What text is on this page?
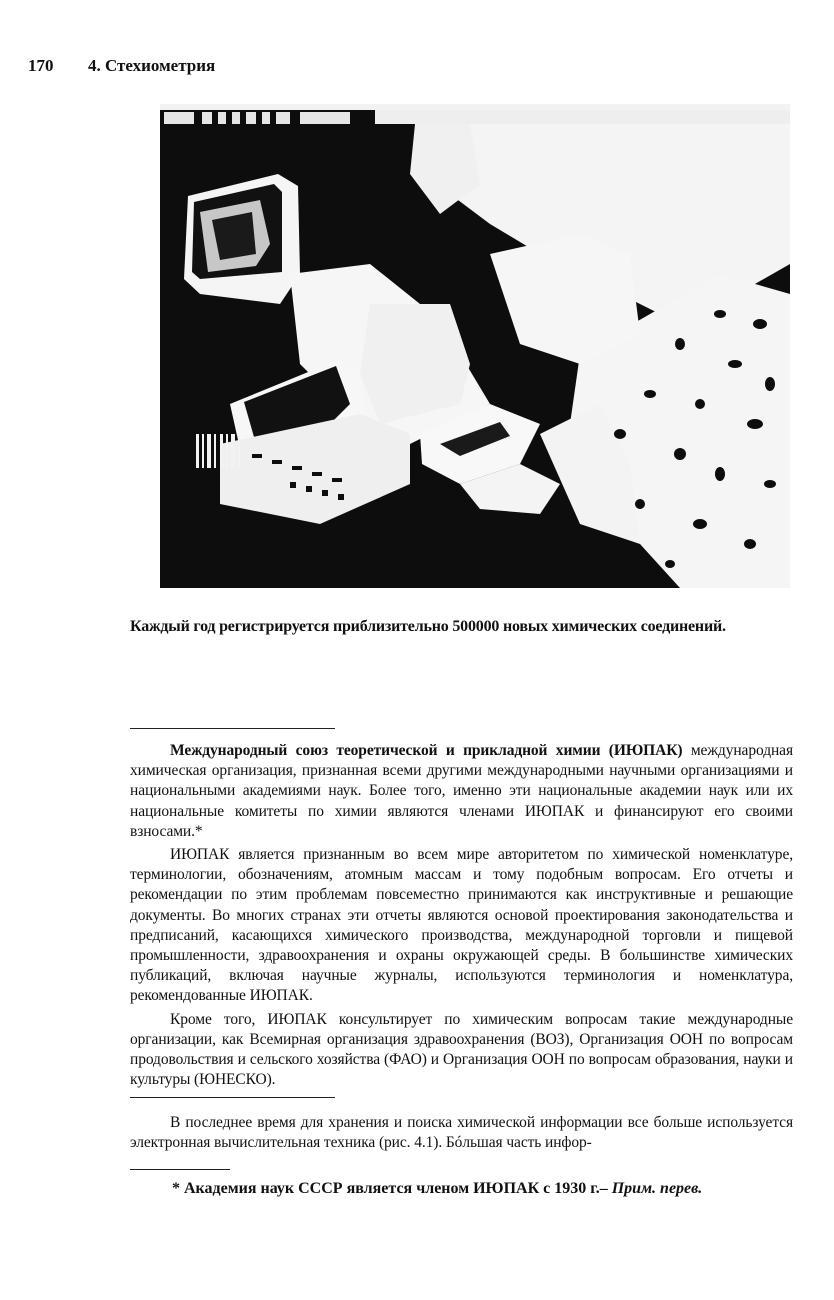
170 4. Стехиометрия
Каждый год регистрируется приблизительно 500000 новых химических соединений.

Международный союз теоретической и прикладной химии (ИЮПАК) международная химическая организация, признанная всеми другими международными научными организациями и национальными академиями наук. Более того, именно эти национальные академии наук или их национальные комитеты по химии являются членами ИЮПАК и финансируют его своими взносами.*

ИЮПАК является признанным во всем мире авторитетом по химической номенклатуре, терминологии, обозначениям, атомным массам и тому подобным вопросам. Его отчеты и рекомендации по этим проблемам повсеместно принимаются как инструктивные и решающие документы. Во многих странах эти отчеты являются основой проектирования законодательства и предписаний, касающихся химического производства, международной торговли и пищевой промышленности, здравоохранения и охраны окружающей среды. В большинстве химических публикаций, включая научные журналы, используются терминология и номенклатура, рекомендованные ИЮПАК.

Кроме того, ИЮПАК консультирует по химическим вопросам такие международные организации, как Всемирная организация здравоохранения (ВОЗ), Организация ООН по вопросам продовольствия и сельского хозяйства (ФАО) и Организация ООН по вопросам образования, науки и культуры (ЮНЕСКО).

В последнее время для хранения и поиска химической информации все больше используется электронная вычислительная техника (рис. 4.1). Бóльшая часть инфор-

* Академия наук СССР является членом ИЮПАК с 1930 г.– Прим. перев.
